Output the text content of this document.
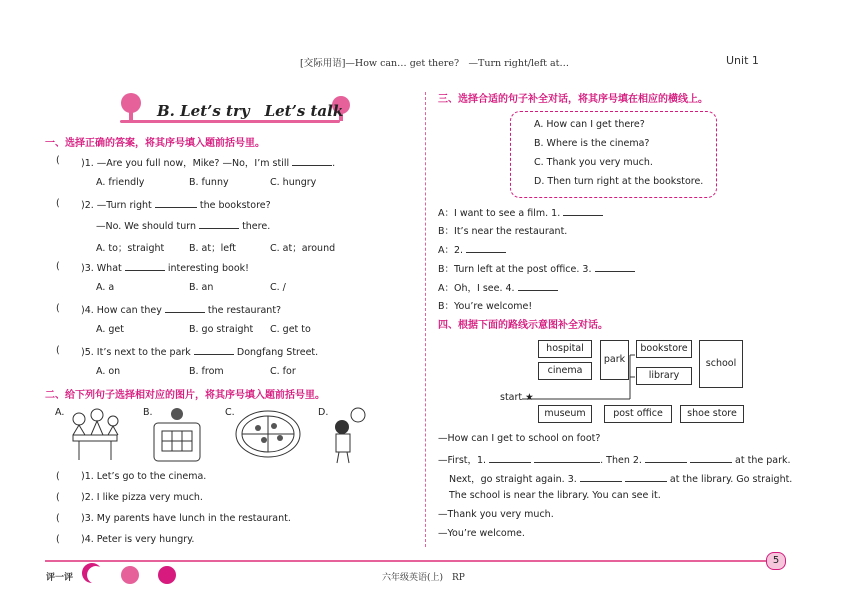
[交际用语]—How can… get there?　—Turn right/left at…	Unit 1
B. Let’s try　Let’s talk
一、选择正确的答案，将其序号填入题前括号里。
( )1. —Are you full now，Mike? —No，I’m still	.
A. friendly	B. funny	C. hungry
( )2. —Turn right	the bookstore?
—No. We should turn	there.
A. to；straight	B. at；left	C. at；around
( )3. What	interesting book!
A. a	B. an	C. /
( )4. How can they	the restaurant?
A. get	B. go straight C. get to
( )5. It’s next to the park	Dongfang Street.
A. on	B. from	C. for
二、给下列句子选择相对应的图片，将其序号填入题前括号里。
A.	B.	C.	D.
( )1. Let’s go to the cinema.
( )2. I like pizza very much.
( )3. My parents have lunch in the restaurant.
( )4. Peter is very hungry.
三、选择合适的句子补全对话，将其序号填在相应的横线上。
A. How can I get there?
B. Where is the cinema?
C. Thank you very much.
D. Then turn right at the bookstore.
A：I want to see a film. 1.
B：It’s near the restaurant.
A：2.
B：Turn left at the post office. 3.
A：Oh，I see. 4.
B：You’re welcome!
四、根据下面的路线示意图补全对话。
hospital
cinema
park
bookstore
library
school
start ★
museum	post office	shoe store
—How can I get to school on foot?
—First，1.	. Then 2.	at the park.
Next，go straight again. 3.	at the library. Go straight.
The school is near the library. You can see it.
—Thank you very much.
—You’re welcome.
评一评	六年级英语(上)　RP
5
